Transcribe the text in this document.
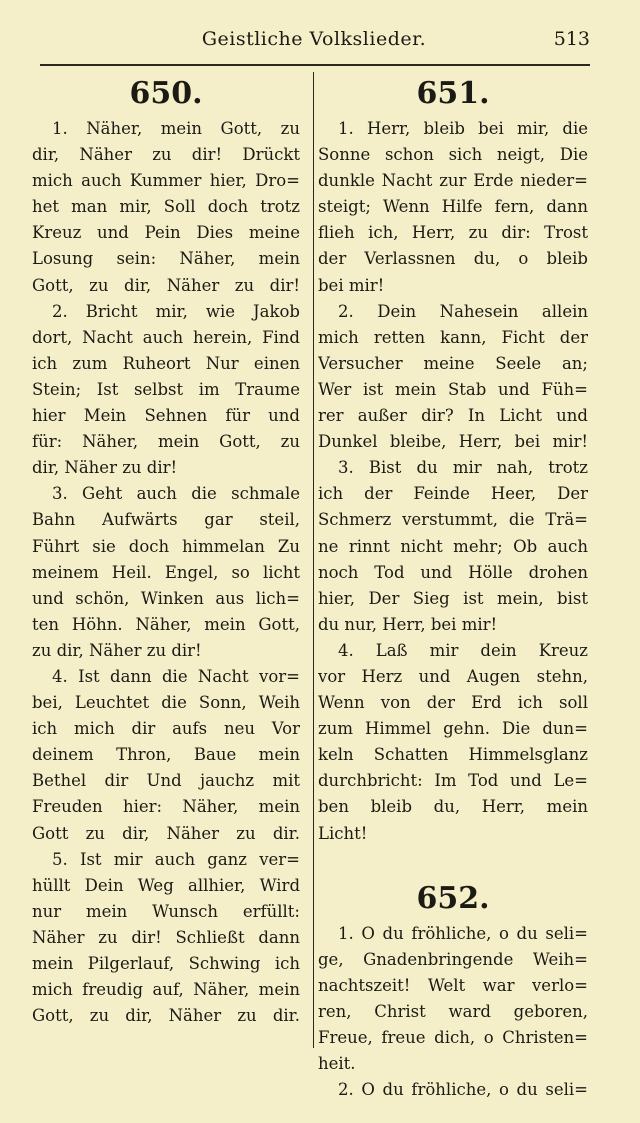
Geistliche Volkslieder.	513
650.
1. Näher, mein Gott, zu
dir, Näher zu dir! Drückt
mich auch Kummer hier, Dro=
het man mir, Soll doch trotz
Kreuz und Pein Dies meine
Losung sein: Näher, mein
Gott, zu dir, Näher zu dir!
2. Bricht mir, wie Jakob
dort, Nacht auch herein, Find
ich zum Ruheort Nur einen
Stein; Ist selbst im Traume
hier Mein Sehnen für und
für: Näher, mein Gott, zu
dir, Näher zu dir!
3. Geht auch die schmale
Bahn Aufwärts gar steil,
Führt sie doch himmelan Zu
meinem Heil. Engel, so licht
und schön, Winken aus lich=
ten Höhn. Näher, mein Gott,
zu dir, Näher zu dir!
4. Ist dann die Nacht vor=
bei, Leuchtet die Sonn, Weih
ich mich dir aufs neu Vor
deinem Thron, Baue mein
Bethel dir Und jauchz mit
Freuden hier: Näher, mein
Gott zu dir, Näher zu dir.
5. Ist mir auch ganz ver=
hüllt Dein Weg allhier, Wird
nur mein Wunsch erfüllt:
Näher zu dir! Schließt dann
mein Pilgerlauf, Schwing ich
mich freudig auf, Näher, mein
Gott, zu dir, Näher zu dir.
651.
1. Herr, bleib bei mir, die
Sonne schon sich neigt, Die
dunkle Nacht zur Erde nieder=
steigt; Wenn Hilfe fern, dann
flieh ich, Herr, zu dir: Trost
der Verlassnen du, o bleib
bei mir!
2. Dein Nahesein allein
mich retten kann, Ficht der
Versucher meine Seele an;
Wer ist mein Stab und Füh=
rer außer dir? In Licht und
Dunkel bleibe, Herr, bei mir!
3. Bist du mir nah, trotz
ich der Feinde Heer, Der
Schmerz verstummt, die Trä=
ne rinnt nicht mehr; Ob auch
noch Tod und Hölle drohen
hier, Der Sieg ist mein, bist
du nur, Herr, bei mir!
4. Laß mir dein Kreuz
vor Herz und Augen stehn,
Wenn von der Erd ich soll
zum Himmel gehn. Die dun=
keln Schatten Himmelsglanz
durchbricht: Im Tod und Le=
ben bleib du, Herr, mein
Licht!
652.
1. O du fröhliche, o du seli=
ge, Gnadenbringende Weih=
nachtszeit! Welt war verlo=
ren, Christ ward geboren,
Freue, freue dich, o Christen=
heit.
2. O du fröhliche, o du seli=
